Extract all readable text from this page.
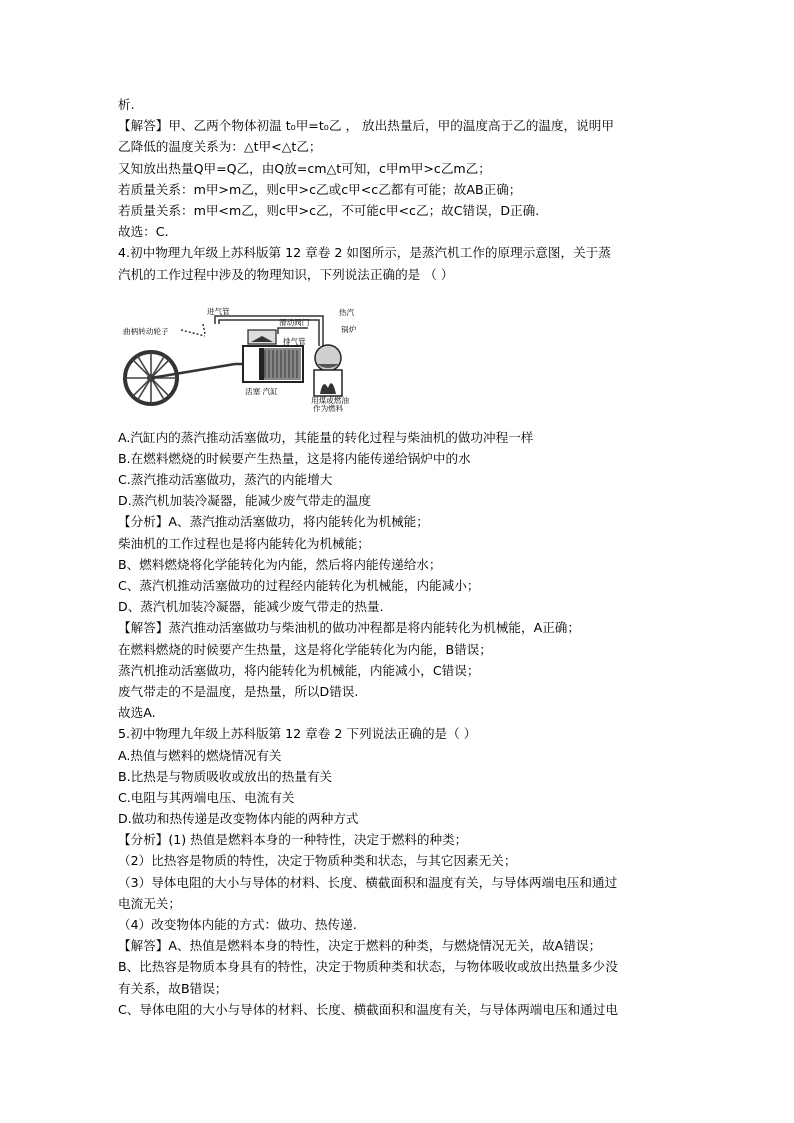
析.
【解答】甲、乙两个物体初温 t₀甲=t₀乙 ， 放出热量后，甲的温度高于乙的温度，说明甲
乙降低的温度关系为：△t甲<△t乙；
又知放出热量Q甲=Q乙，由Q放=cm△t可知，c甲m甲>c乙m乙；
若质量关系：m甲>m乙，则c甲>c乙或c甲<c乙都有可能；故AB正确；
若质量关系：m甲<m乙，则c甲>c乙，不可能c甲<c乙；故C错误，D正确.
故选：C.
4.初中物理九年级上苏科版第 12 章卷 2 如图所示，是蒸汽机工作的原理示意图，关于蒸
汽机的工作过程中涉及的物理知识，下列说法正确的是 （ ）
进气管	热汽
滑动阀门
锅炉
曲柄转动轮子
排气管
活塞 汽缸
用煤或燃油
作为燃料
A.汽缸内的蒸汽推动活塞做功，其能量的转化过程与柴油机的做功冲程一样
B.在燃料燃烧的时候要产生热量，这是将内能传递给锅炉中的水
C.蒸汽推动活塞做功，蒸汽的内能增大
D.蒸汽机加装冷凝器，能减少废气带走的温度
【分析】A、蒸汽推动活塞做功，将内能转化为机械能；
柴油机的工作过程也是将内能转化为机械能；
B、燃料燃烧将化学能转化为内能，然后将内能传递给水；
C、蒸汽机推动活塞做功的过程经内能转化为机械能，内能减小；
D、蒸汽机加装冷凝器，能减少废气带走的热量.
【解答】蒸汽推动活塞做功与柴油机的做功冲程都是将内能转化为机械能，A正确；
在燃料燃烧的时候要产生热量，这是将化学能转化为内能，B错误；
蒸汽机推动活塞做功，将内能转化为机械能，内能减小，C错误；
废气带走的不是温度，是热量，所以D错误.
故选A.
5.初中物理九年级上苏科版第 12 章卷 2 下列说法正确的是（ ）
A.热值与燃料的燃烧情况有关
B.比热是与物质吸收或放出的热量有关
C.电阻与其两端电压、电流有关
D.做功和热传递是改变物体内能的两种方式
【分析】(1) 热值是燃料本身的一种特性，决定于燃料的种类；
（2）比热容是物质的特性，决定于物质种类和状态，与其它因素无关；
（3）导体电阻的大小与导体的材料、长度、横截面积和温度有关，与导体两端电压和通过
电流无关；
（4）改变物体内能的方式：做功、热传递.
【解答】A、热值是燃料本身的特性，决定于燃料的种类，与燃烧情况无关，故A错误；
B、比热容是物质本身具有的特性，决定于物质种类和状态，与物体吸收或放出热量多少没
有关系，故B错误；
C、导体电阻的大小与导体的材料、长度、横截面积和温度有关，与导体两端电压和通过电
